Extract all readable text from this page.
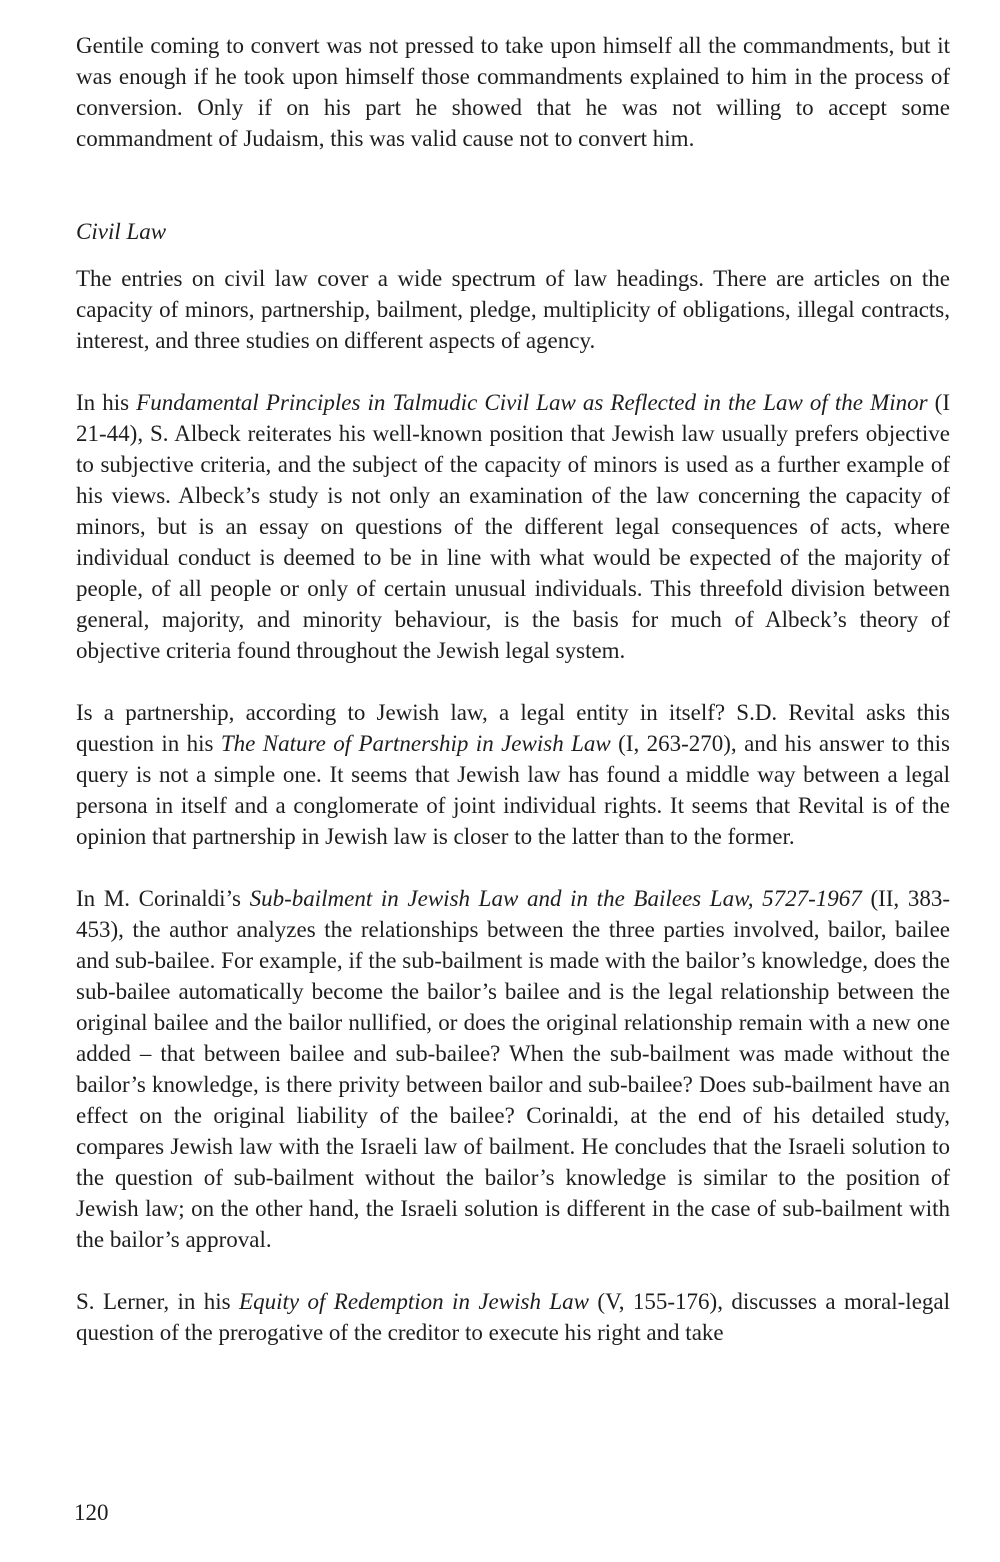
Gentile coming to convert was not pressed to take upon himself all the commandments, but it was enough if he took upon himself those commandments explained to him in the process of conversion. Only if on his part he showed that he was not willing to accept some commandment of Judaism, this was valid cause not to convert him.

Civil Law

The entries on civil law cover a wide spectrum of law headings. There are articles on the capacity of minors, partnership, bailment, pledge, multiplicity of obligations, illegal contracts, interest, and three studies on different aspects of agency.

In his Fundamental Principles in Talmudic Civil Law as Reflected in the Law of the Minor (I 21-44), S. Albeck reiterates his well-known position that Jewish law usually prefers objective to subjective criteria, and the subject of the capacity of minors is used as a further example of his views. Albeck’s study is not only an examination of the law concerning the capacity of minors, but is an essay on questions of the different legal consequences of acts, where individual conduct is deemed to be in line with what would be expected of the majority of people, of all people or only of certain unusual individuals. This threefold division between general, majority, and minority behaviour, is the basis for much of Albeck’s theory of objective criteria found throughout the Jewish legal system.

Is a partnership, according to Jewish law, a legal entity in itself? S.D. Revital asks this question in his The Nature of Partnership in Jewish Law (I, 263-270), and his answer to this query is not a simple one. It seems that Jewish law has found a middle way between a legal persona in itself and a conglomerate of joint individual rights. It seems that Revital is of the opinion that partnership in Jewish law is closer to the latter than to the former.

In M. Corinaldi’s Sub-bailment in Jewish Law and in the Bailees Law, 5727-1967 (II, 383-453), the author analyzes the relationships between the three parties involved, bailor, bailee and sub-bailee. For example, if the sub-bailment is made with the bailor’s knowledge, does the sub-bailee automatically become the bailor’s bailee and is the legal relationship between the original bailee and the bailor nullified, or does the original relationship remain with a new one added – that between bailee and sub-bailee? When the sub-bailment was made without the bailor’s knowledge, is there privity between bailor and sub-bailee? Does sub-bailment have an effect on the original liability of the bailee? Corinaldi, at the end of his detailed study, compares Jewish law with the Israeli law of bailment. He concludes that the Israeli solution to the question of sub-bailment without the bailor’s knowledge is similar to the position of Jewish law; on the other hand, the Israeli solution is different in the case of sub-bailment with the bailor’s approval.

S. Lerner, in his Equity of Redemption in Jewish Law (V, 155-176), discusses a moral-legal question of the prerogative of the creditor to execute his right and take

120
